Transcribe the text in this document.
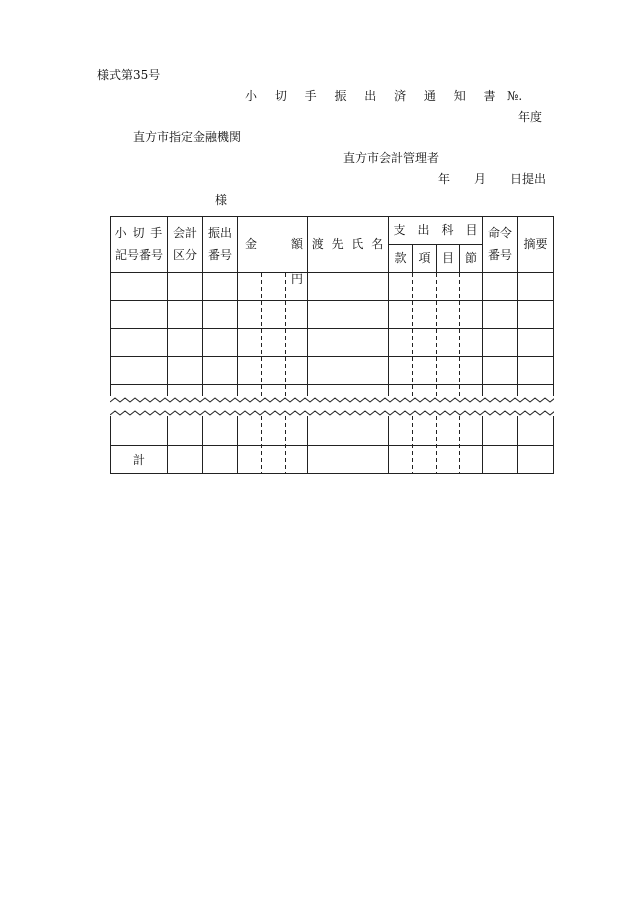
様式第35号
小 切 手 振 出 済 通 知 書 №.
年度
直方市指定金融機関
直方市会計管理者
年　　月　　日提出
様
小 切 手
記号番号
会計
区分
振出
番号
金	額 渡 先 氏 名
支　出　科　目
款 項 目 節
命令
番号
摘要
円
計
